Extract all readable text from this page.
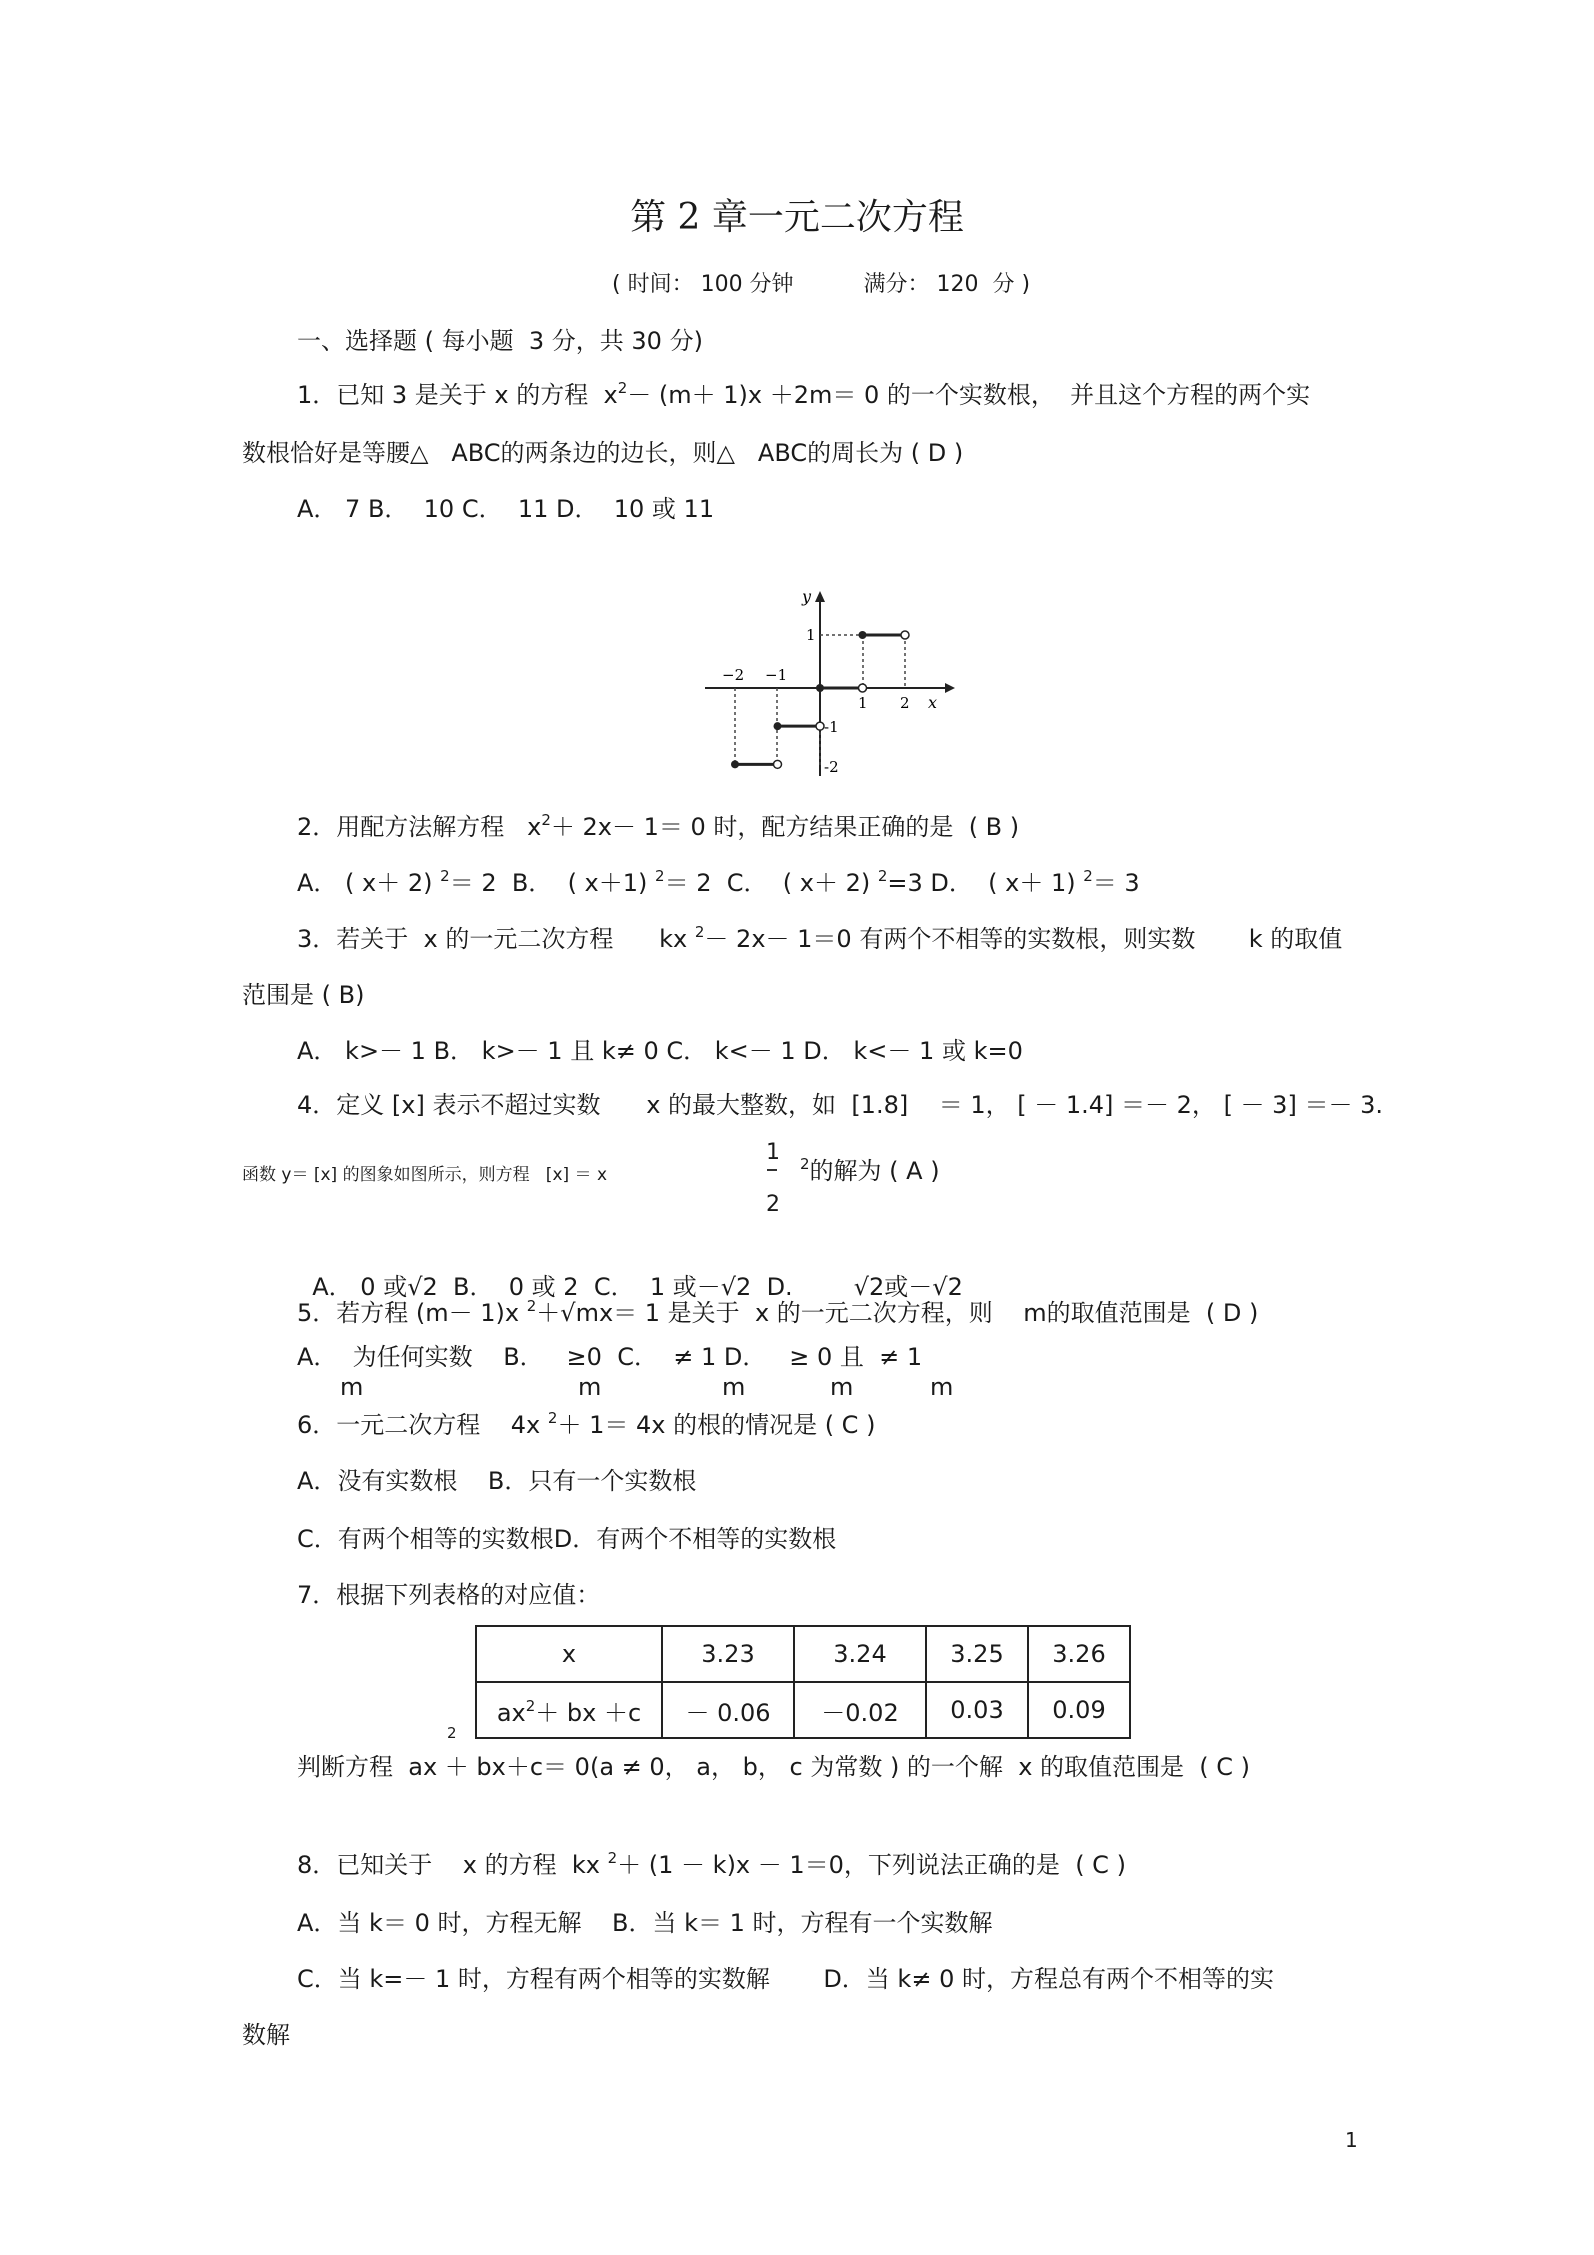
第 2 章一元二次方程
( 时间： 100 分钟          满分： 120  分 )
一、选择题 ( 每小题  3 分，共 30 分)
1．已知 3 是关于 x 的方程  $x^2- (m+ 1)x +2m= 0$ 的一个实数根，  并且这个方程的两个实
数根恰好是等腰△   ABC的两条边的边长，则△   ABC的周长为 ( D )
A． 7 B．  10 C．  11 D．  10 或 11
y
x
−2 −1
1 2
1
-1
-2
2．用配方法解方程   $x^2+ 2x- 1= 0$ 时，配方结果正确的是  ( B )
A． ( x＋ 2) $^2$＝ 2  B．  ( x＋1) $^2$＝ 2  C．  ( x＋ 2) $^2$=3 D．  ( x＋ 1) $^2$＝ 3
3．若关于  x 的一元二次方程      kx $^2$－ 2x－ 1＝0 有两个不相等的实数根，则实数       k 的取值
范围是 ( B)
A． k>－ 1 B． k>－ 1 且 k≠ 0 C． k<－ 1 D． k<－ 1 或 k=0
4．定义 [x] 表示不超过实数      x 的最大整数，如  [1.8]    ＝ 1， [ － 1.4] ＝－ 2， [ － 3] ＝－ 3.
函数 y＝ [x] 的图象如图所示，则方程   [x] ＝ x
1
2
$^2$的解为 ( A )

A． 0 或√2  B．  0 或 2  C．  1 或－√2  D.	√2或－√2

5．若方程 (m－ 1)x $^2$＋√mx＝ 1 是关于  x 的一元二次方程，则    m的取值范围是  ( D )
A．  为任何实数 B．   ≥0  C．  ≠ 1 D．   ≥ 0 且  ≠ 1
m	m	m	m	m
6．一元二次方程    4x $^2$＋ 1＝ 4x 的根的情况是 ( C )
A．没有实数根    B．只有一个实数根
C．有两个相等的实数根D．有两个不相等的实数根
7．根据下列表格的对应值：
x	3.23	3.24	3.25	3.26
$ax^2+$ bx ＋c	－ 0.06	－0.02	0.03	0.09
2
判断方程  ax ＋ bx＋c＝ 0(a ≠ 0， a， b， c 为常数 ) 的一个解  x 的取值范围是  ( C )
8．已知关于    x 的方程  kx $^2$＋ (1 － k)x － 1＝0，下列说法正确的是  ( C )
A．当 k＝ 0 时，方程无解    B．当 k＝ 1 时，方程有一个实数解
C．当 k=－ 1 时，方程有两个相等的实数解       D．当 k≠ 0 时，方程总有两个不相等的实
数解
1
